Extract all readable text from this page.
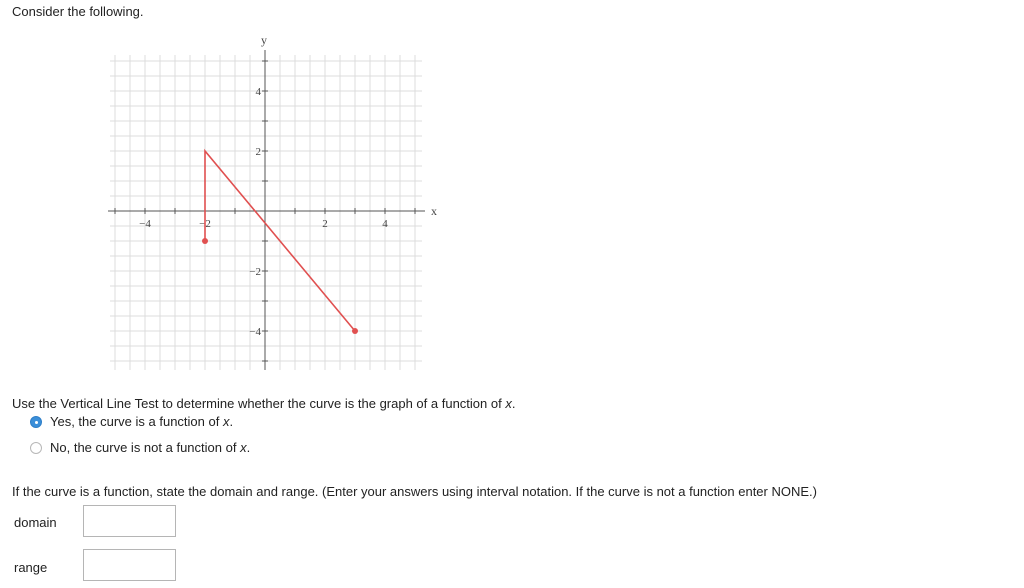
Consider the following.
x
y
−4	−2	2	4
4
2
−2
−4
Use the Vertical Line Test to determine whether the curve is the graph of a function of x.
Yes, the curve is a function of x.
No, the curve is not a function of x.
If the curve is a function, state the domain and range. (Enter your answers using interval notation. If the curve is not a function enter NONE.)
domain
range
